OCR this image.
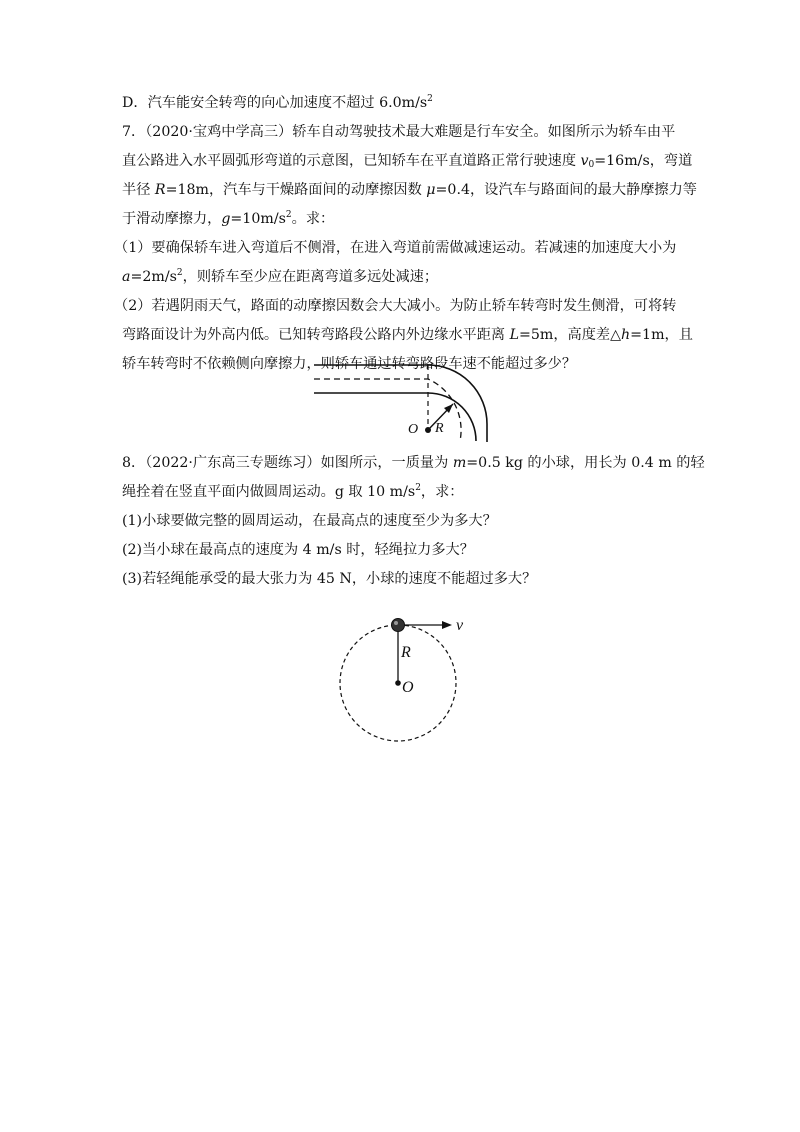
D．汽车能安全转弯的向心加速度不超过 $6.0m/s^2$
7．（2020·宝鸡中学高三）轿车自动驾驶技术最大难题是行车安全。如图所示为轿车由平
直公路进入水平圆弧形弯道的示意图，已知轿车在平直道路正常行驶速度 $v_0=16m/s$，弯道
半径 R=18m，汽车与干燥路面间的动摩擦因数 μ=0.4，设汽车与路面间的最大静摩擦力等
于滑动摩擦力，$g=10m/s^2$。求：
（1）要确保轿车进入弯道后不侧滑，在进入弯道前需做减速运动。若减速的加速度大小为
$a=2m/s^2$，则轿车至少应在距离弯道多远处减速；
（2）若遇阴雨天气，路面的动摩擦因数会大大减小。为防止轿车转弯时发生侧滑，可将转
弯路面设计为外高内低。已知转弯路段公路内外边缘水平距离 L=5m，高度差△h=1m，且
轿车转弯时不依赖侧向摩擦力，则轿车通过转弯路段车速不能超过多少？
O R
8．（2022·广东高三专题练习）如图所示，一质量为 m=0.5 kg 的小球，用长为 0.4 m 的轻
绳拴着在竖直平面内做圆周运动。g 取 10 $m/s^2$，求：
(1)小球要做完整的圆周运动，在最高点的速度至少为多大？
(2)当小球在最高点的速度为 4 m/s 时，轻绳拉力多大？
(3)若轻绳能承受的最大张力为 45 N，小球的速度不能超过多大？
v
R
O
